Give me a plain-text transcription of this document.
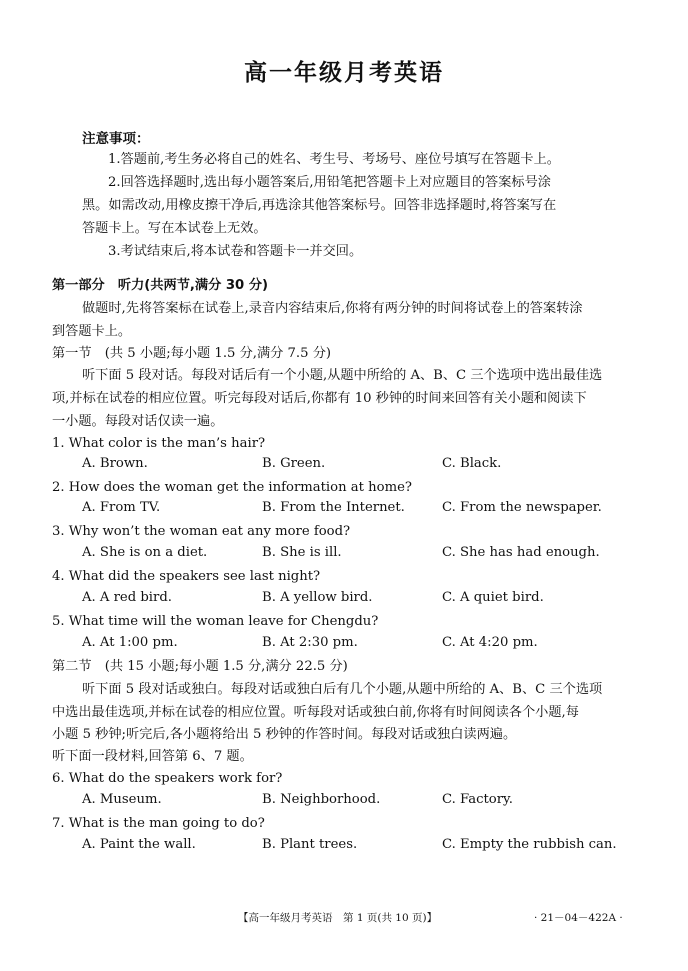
高一年级月考英语
注意事项：
1.答题前,考生务必将自己的姓名、考生号、考场号、座位号填写在答题卡上。
2.回答选择题时,选出每小题答案后,用铅笔把答题卡上对应题目的答案标号涂
黑。如需改动,用橡皮擦干净后,再选涂其他答案标号。回答非选择题时,将答案写在
答题卡上。写在本试卷上无效。
3.考试结束后,将本试卷和答题卡一并交回。
第一部分　听力(共两节,满分 30 分)
做题时,先将答案标在试卷上,录音内容结束后,你将有两分钟的时间将试卷上的答案转涂
到答题卡上。
第一节　(共 5 小题;每小题 1.5 分,满分 7.5 分)
听下面 5 段对话。每段对话后有一个小题,从题中所给的 A、B、C 三个选项中选出最佳选
项,并标在试卷的相应位置。听完每段对话后,你都有 10 秒钟的时间来回答有关小题和阅读下
一小题。每段对话仅读一遍。
1. What color is the man’s hair?
A. Brown.	B. Green.	C. Black.
2. How does the woman get the information at home?
A. From TV.	B. From the Internet.	C. From the newspaper.
3. Why won’t the woman eat any more food?
A. She is on a diet.	B. She is ill.	C. She has had enough.
4. What did the speakers see last night?
A. A red bird.	B. A yellow bird.	C. A quiet bird.
5. What time will the woman leave for Chengdu?
A. At 1:00 pm.	B. At 2:30 pm.	C. At 4:20 pm.
第二节　(共 15 小题;每小题 1.5 分,满分 22.5 分)
听下面 5 段对话或独白。每段对话或独白后有几个小题,从题中所给的 A、B、C 三个选项
中选出最佳选项,并标在试卷的相应位置。听每段对话或独白前,你将有时间阅读各个小题,每
小题 5 秒钟;听完后,各小题将给出 5 秒钟的作答时间。每段对话或独白读两遍。
听下面一段材料,回答第 6、7 题。
6. What do the speakers work for?
A. Museum.	B. Neighborhood.	C. Factory.
7. What is the man going to do?
A. Paint the wall.	B. Plant trees.	C. Empty the rubbish can.
【高一年级月考英语　第 1 页(共 10 页)】	· 21－04－422A ·
